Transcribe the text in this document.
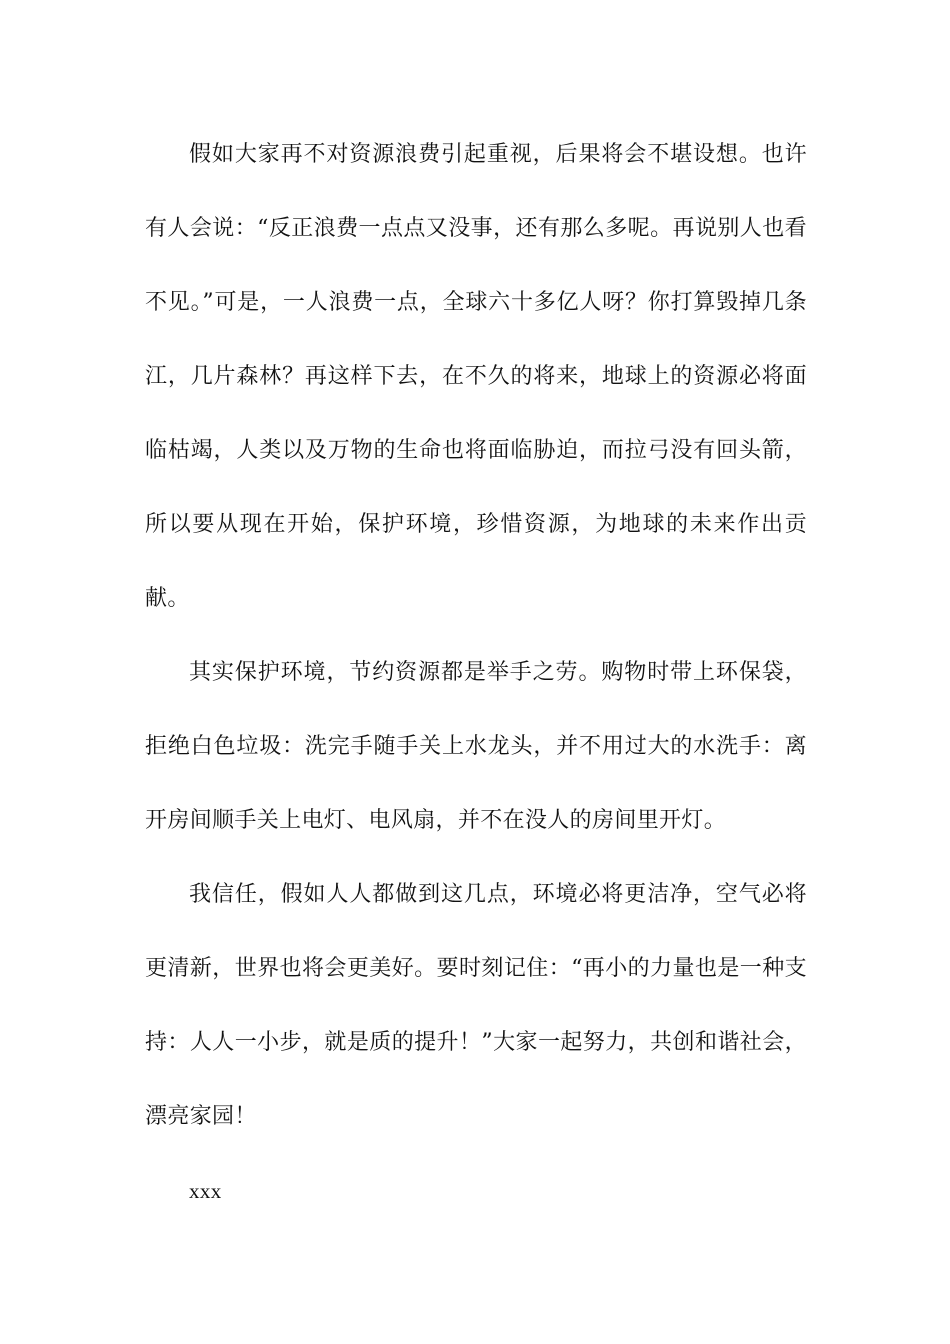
假如大家再不对资源浪费引起重视，后果将会不堪设想。也许有人会说：“反正浪费一点点又没事，还有那么多呢。再说别人也看不见。”可是，一人浪费一点，全球六十多亿人呀？你打算毁掉几条江，几片森林？再这样下去，在不久的将来，地球上的资源必将面临枯竭，人类以及万物的生命也将面临胁迫，而拉弓没有回头箭，所以要从现在开始，保护环境，珍惜资源，为地球的未来作出贡献。

其实保护环境，节约资源都是举手之劳。购物时带上环保袋，拒绝白色垃圾：洗完手随手关上水龙头，并不用过大的水洗手：离开房间顺手关上电灯、电风扇，并不在没人的房间里开灯。

我信任，假如人人都做到这几点，环境必将更洁净，空气必将更清新，世界也将会更美好。要时刻记住：“再小的力量也是一种支持：人人一小步，就是质的提升！”大家一起努力，共创和谐社会，漂亮家园！

xxx
